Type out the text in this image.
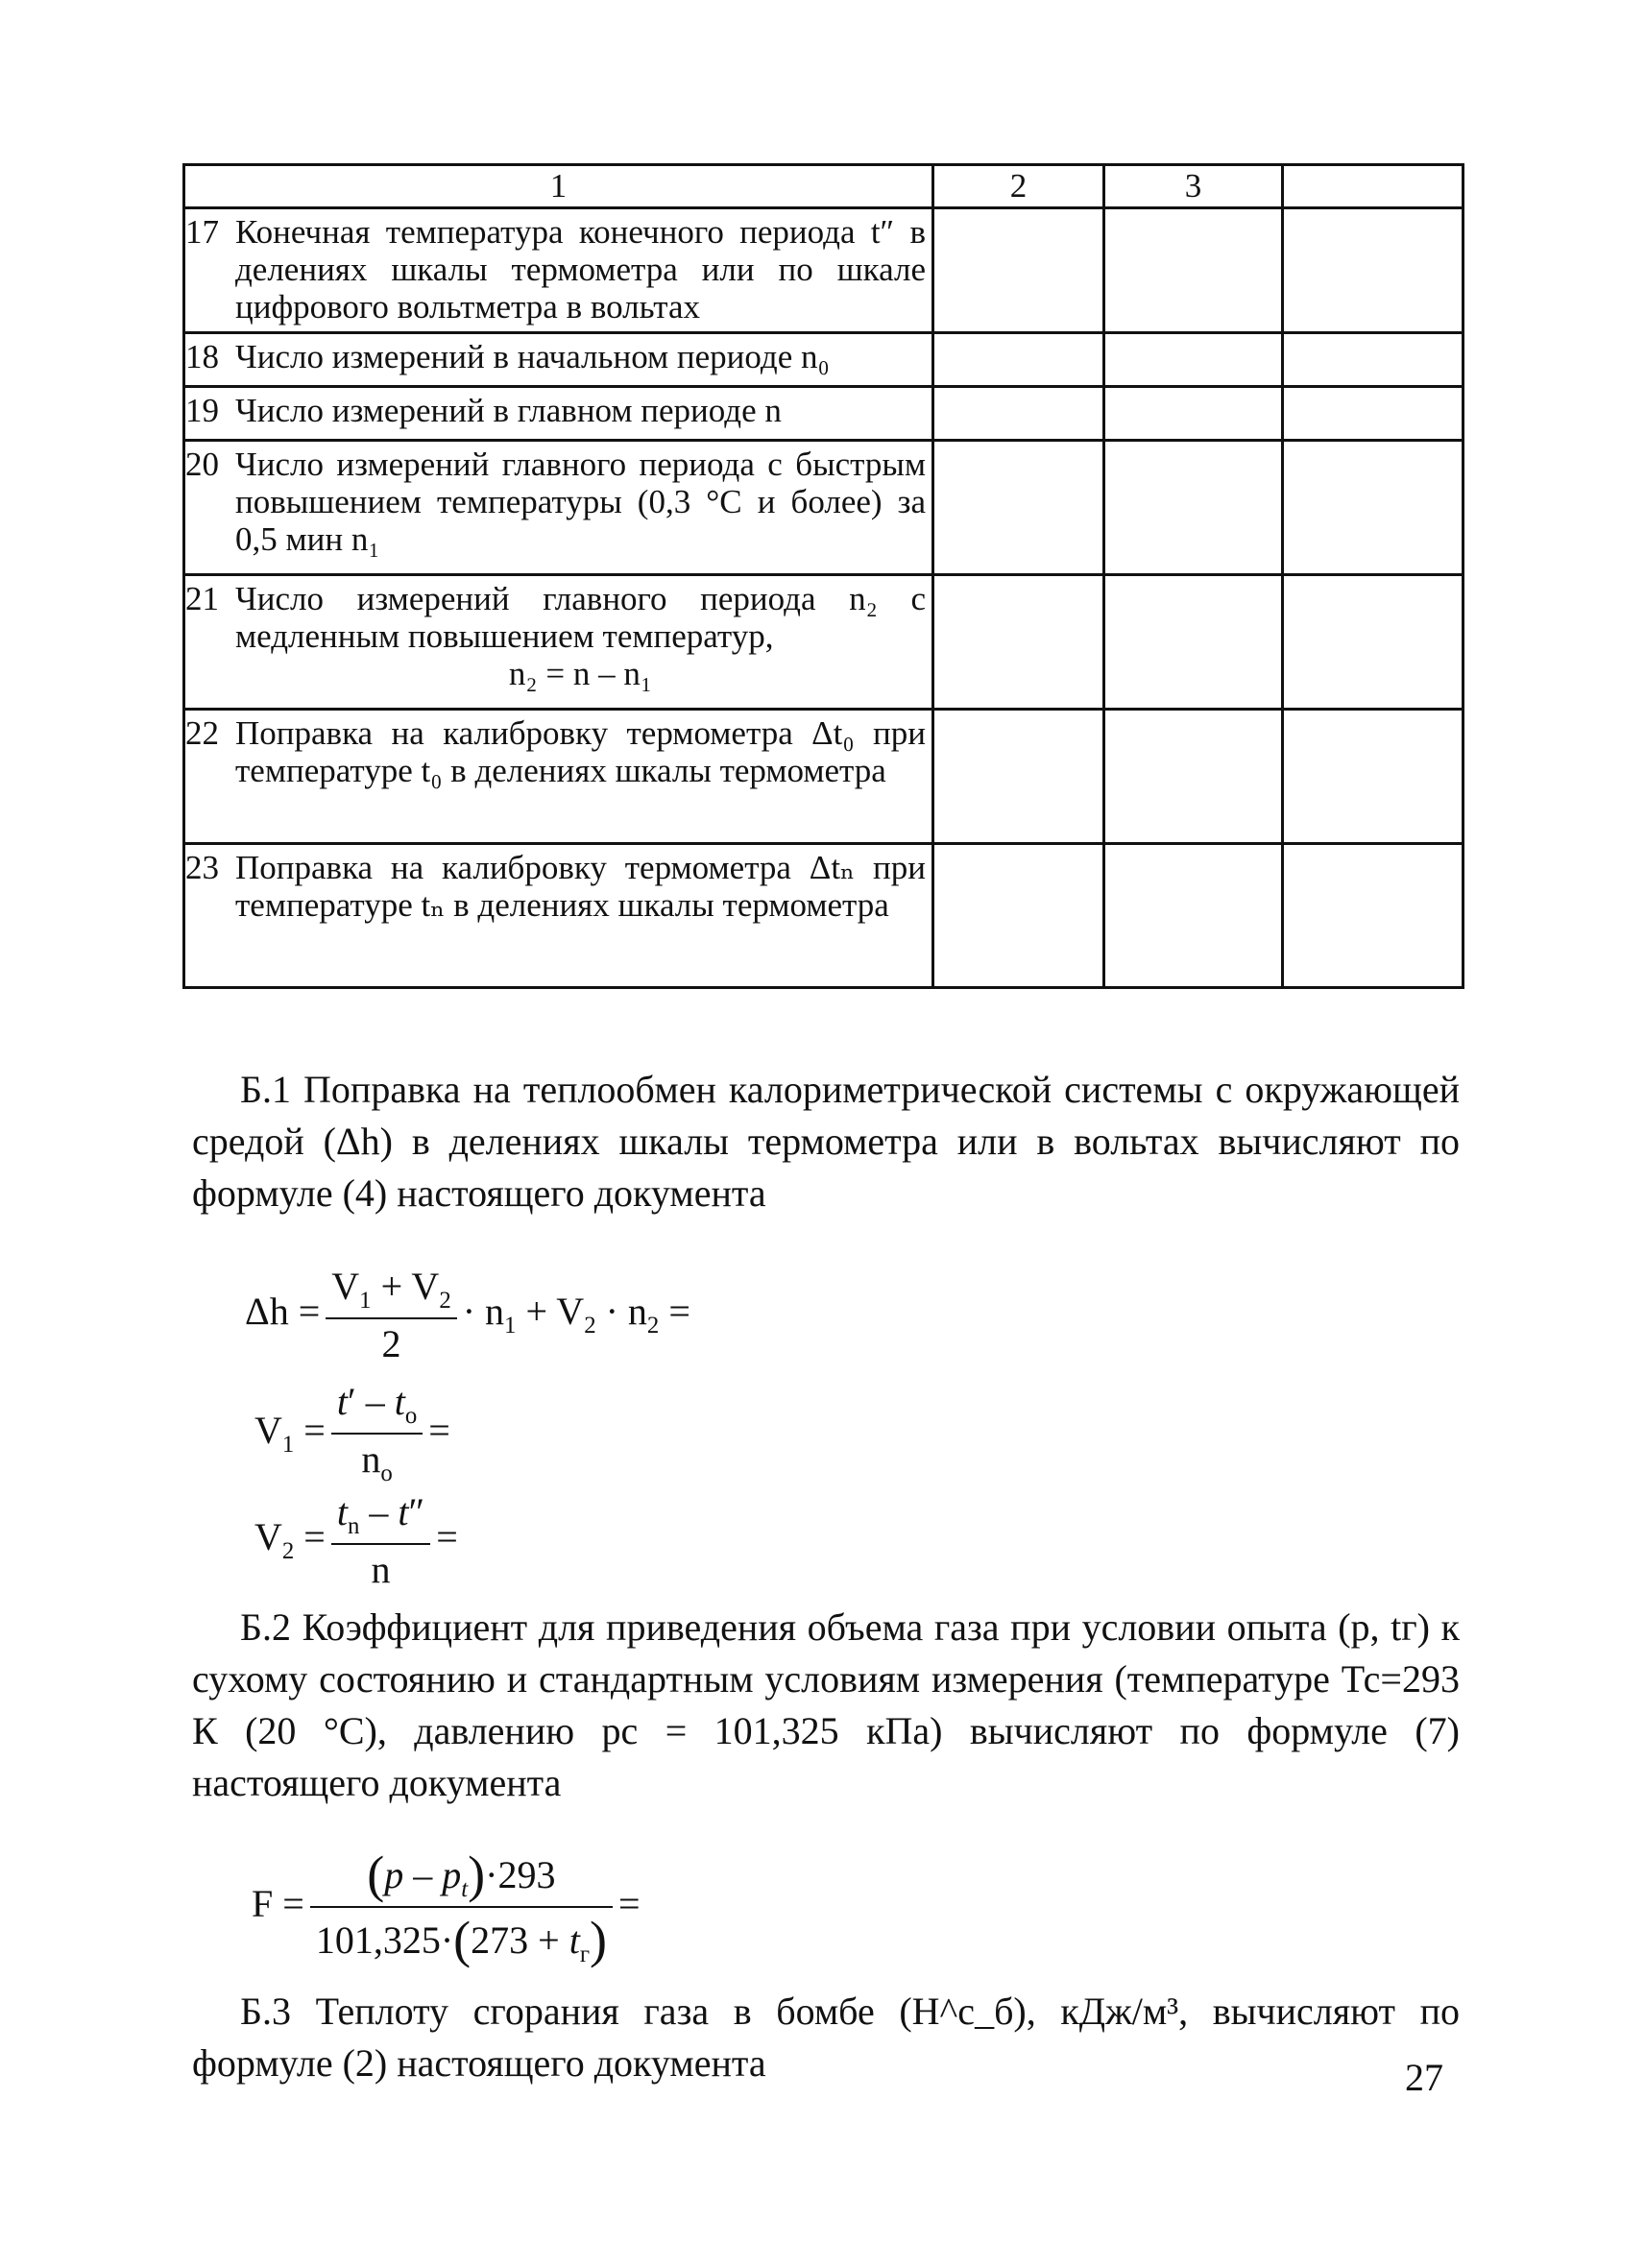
1	2	3	

17 Конечная температура конечного периода t″ в делениях шкалы термометра или по шкале цифрового вольтметра в вольтах			

18 Число измерений в начальном периоде n₀			

19 Число измерений в главном периоде n			

20 Число измерений главного периода с быстрым повышением температуры (0,3 °С и более) за 0,5 мин n₁			

21 Число измерений главного периода n₂ с медленным повышением температур,
n₂ = n – n₁			

22 Поправка на калибровку термометра Δt₀ при температуре t₀ в делениях шкалы термометра			

23 Поправка на калибровку термометра Δtₙ при температуре tₙ в делениях шкалы термометра			

Б.1 Поправка на теплообмен калориметрической системы с окружающей средой (Δh) в делениях шкалы термометра или в вольтах вычисляют по формуле (4) настоящего документа

$\Delta h = \frac{V_1 + V_2}{2} \cdot n_1 + V_2 \cdot n_2$ =
$V_1 = \frac{t' - t_o}{n_o}$ =
$V_2 = \frac{t_n - t''}{n}$ =

Б.2 Коэффициент для приведения объема газа при условии опыта (p, tг) к сухому состоянию и стандартным условиям измерения (температуре Тс=293 К (20 °С), давлению pс = 101,325 кПа) вычисляют по формуле (7) настоящего документа

$F = \frac{(p - p_t)\cdot 293}{101,325\cdot(273 + t_г)}$ =

Б.3 Теплоту сгорания газа в бомбе (H^c_б), кДж/м³, вычисляют по формуле (2) настоящего документа	27
